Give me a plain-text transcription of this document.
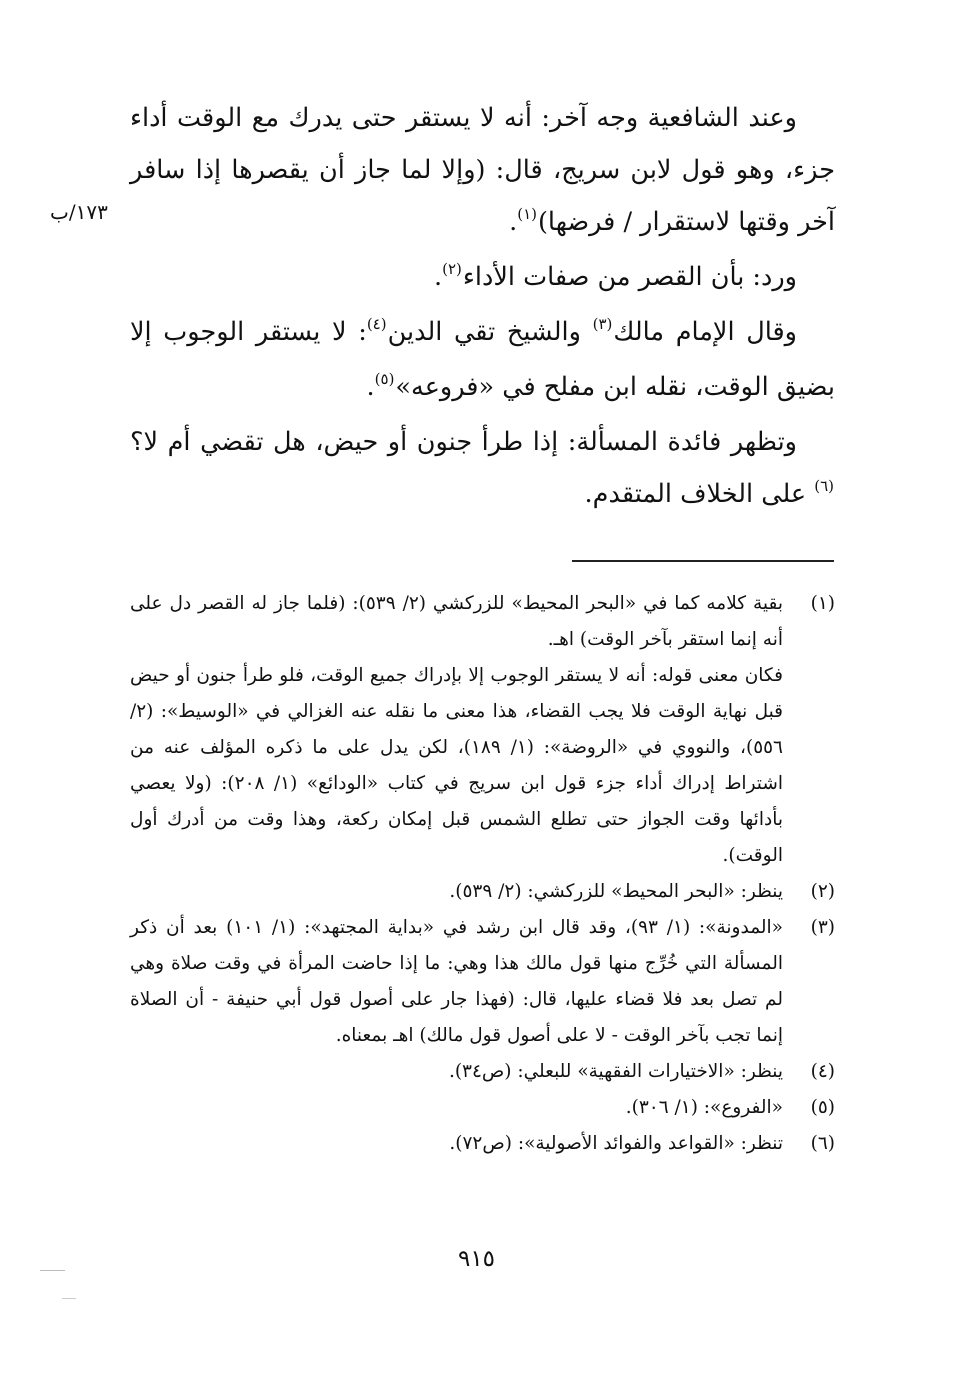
١٧٣/ب

وعند الشافعية وجه آخر: أنه لا يستقر حتى يدرك مع الوقت أداء جزء، وهو قول لابن سريج، قال: (وإلا لما جاز أن يقصرها إذا سافر آخر وقتها لاستقرار / فرضها)$^{(١)}$.

ورد: بأن القصر من صفات الأداء$^{(٢)}$.

وقال الإمام مالك$^{(٣)}$ والشيخ تقي الدين$^{(٤)}$: لا يستقر الوجوب إلا بضيق الوقت، نقله ابن مفلح في «فروعه»$^{(٥)}$.

وتظهر فائدة المسألة: إذا طرأ جنون أو حيض، هل تقضي أم لا؟$^{(٦)}$ على الخلاف المتقدم.

(١)

بقية كلامه كما في «البحر المحيط» للزركشي (٢/ ٥٣٩): (فلما جاز له القصر دل على أنه إنما استقر بآخر الوقت) اهـ.

فكان معنى قوله: أنه لا يستقر الوجوب إلا بإدراك جميع الوقت، فلو طرأ جنون أو حيض قبل نهاية الوقت فلا يجب القضاء، هذا معنى ما نقله عنه الغزالي في «الوسيط»: (٢/ ٥٥٦)، والنووي في «الروضة»: (١/ ١٨٩)، لكن يدل على ما ذكره المؤلف عنه من اشتراط إدراك أداء جزء قول ابن سريج في كتاب «الودائع» (١/ ٢٠٨): (ولا يعصي بأدائها وقت الجواز حتى تطلع الشمس قبل إمكان ركعة، وهذا وقت من أدرك أول الوقت).

(٢)
ينظر: «البحر المحيط» للزركشي: (٢/ ٥٣٩).
(٣)
«المدونة»: (١/ ٩٣)، وقد قال ابن رشد في «بداية المجتهد»: (١/ ١٠١) بعد أن ذكر المسألة التي خُرِّج منها قول مالك هذا وهي: ما إذا حاضت المرأة في وقت صلاة وهي لم تصل بعد فلا قضاء عليها، قال: (فهذا جار على أصول قول أبي حنيفة - أن الصلاة إنما تجب بآخر الوقت - لا على أصول قول مالك) اهـ بمعناه.
(٤)
ينظر: «الاختيارات الفقهية» للبعلي: (ص٣٤).
(٥)
«الفروع»: (١/ ٣٠٦).
(٦)
تنظر: «القواعد والفوائد الأصولية»: (ص٧٢).
٩١٥
